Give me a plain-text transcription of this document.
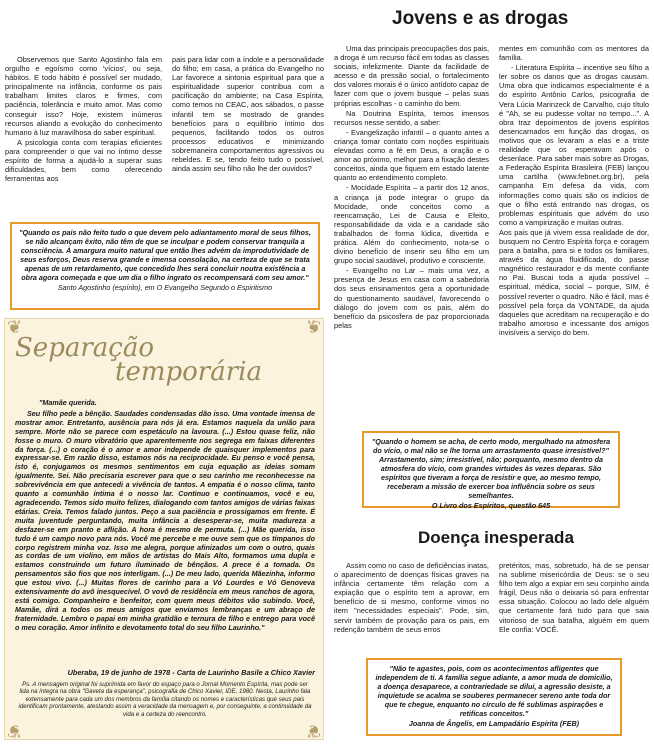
Observemos que Santo Agostinho fala em orgulho e egoísmo como 'vícios', ou seja, hábitos. E todo hábito é possível ser mudado, principalmente na infância, conforme os pais trabalham limites claros e firmes, com paciência, tolerância e muito amor. Mas como conseguir isso? Hoje, existem inúmeros recursos aliando a evolução do conhecimento humano à luz maravilhosa do saber espiritual.

A psicologia conta com terapias eficientes para compreender o que vai no íntimo desse espírito de forma a ajudá-lo a superar suas dificuldades, bem como oferecendo ferramentas aos

pais para lidar com a índole e a personalidade do filho; em casa, a prática do Evangelho no Lar favorece a sintonia espiritual para que a espiritualidade superior contribua com a pacificação do ambiente; na Casa Espírita, como temos no CEAC, aos sábados, o passe infantil tem se mostrado de grandes benefícios para o equilíbrio íntimo dos pequenos, facilitando todos os outros processos educativos e minimizando sobremaneira comportamentos agressivos ou rebeldes. E se, tendo feito tudo o possível, ainda assim seu filho não lhe der ouvidos?

"Quando os pais não feito tudo o que devem pelo adiantamento moral de seus filhos, se não alcançam êxito, não têm de que se inculpar e podem conservar tranquila a consciência. À amargura muito natural que então lhes advém da improdutividade de seus esforços, Deus reserva grande e imensa consolação, na certeza de que se trata apenas de um retardamento, que concedido lhes será concluir noutra existência a obra agora começada e que um dia o filho ingrato os recompensará com seu amor."
Santo Agostinho (espírito), em O Evangelho Segundo o Espiritismo
❦	❦
❦	❦
Separação
temporária

"Mamãe querida.

Seu filho pede a bênção. Saudades condensadas dão isso. Uma vontade imensa de mostrar amor. Entretanto, ausência para nós já era. Estamos naquela da união para sempre. Morte não se parece com espetáculo na lavoura. (...) Estou quase feliz, não fosse o muro. O muro vibratório que aparentemente nos segrega em faixas diferentes da força. (...) o coração é o amor e amor independe de quaisquer implementos para expressar-se. Em razão disso, estamos nós na reciprocidade. Eu penso e você pensa, isto é, conjugamos os mesmos sentimentos em cuja equação as ideias somam igualmente. Sei. Não precisaria escrever para que o seu carinho me reconhecesse na sobrevivência em que antecedi a vivência de tantos. A empatia é o nosso clima, tanto quanto a comunhão íntima é o nosso lar. Continuo e continuamos, você e eu, agradecendo. Temos sido muito felizes, dialogando com tantos amigos de várias faixas etárias. Creia. Temos falado juntos. Peço a sua paciência e prossigamos em frente. É muita juventude perguntando, muita infância a desesperar-se, muita madureza a desfazer-se em pranto e aflição. A hora é mesmo de permuta. (...) Mãe querida, isso tudo é um campo novo para nós. Você me percebe e me ouve sem que os tímpanos do corpo registrem minha voz. Isso me alegra, porque afinizados um com o outro, quais as cordas de um violino, em mãos de artistas do Mais Alto, formamos uma dupla e estamos construindo um futuro iluminado de bênçãos. A prece é a tomada. Os pensamentos são fios que nos interligam. (...) De meu lado, querida Mãezinha, informo que estou vivo. (...) Muitas flores de carinho para a Vó Lourdes e Vó Genoveva extensivamente do avô inesquecível. O vovô de residência em meus ranchos de agora, está comigo. Companheiro e benfeitor, com quem meus débitos vão subindo. Você, Mamãe, dirá a todos os meus amigos que enviamos lembranças e um abraço de fraternidade. Lembro o papai em minha gratidão e ternura de filho e entrego para você o meu coração. Amor infinito e devotamento total do seu filho Laurinho."

Uberaba, 19 de junho de 1978 - Carta de Laurinho Basile a Chico Xavier
Ps. A mensagem original foi suprimida em favor do espaço para o Jornal Momento Espírita, mas pode ser lida na íntegra na obra "Gaveta da esperança", psicografia de Chico Xavier, IDE, 1980. Nesta, Laurinho fala extensamente para cada um dos membros da família citando os nomes e características que seus pais identificam prontamente, atestando assim a veracidade da mensagem e, por conseguinte, a continuidade da vida e a certeza do reencontro.
Jovens e as drogas

Uma das principais preocupações dos pais, a droga é um recurso fácil em todas as classes sociais, infelizmente. Diante da facilidade de acesso e da pressão social, o fortalecimento dos valores morais é o único antídoto capaz de fazer com que o jovem busque – pelas suas próprias escolhas - o caminho do bem.

Na Doutrina Espírita, temos imensos recursos nesse sentido, a saber:

- Evangelização infantil – o quanto antes a criança tomar contato com noções espirituais elevadas como a fé em Deus, a oração e o amor ao próximo, melhor para a fixação destes conceitos, ainda que fiquem em estado latente quanto ao entendimento completo.

- Mocidade Espírita – a partir dos 12 anos, a criança já pode integrar o grupo da Mocidade, onde conceitos como a reencarnação, Lei de Causa e Efeito, responsabilidade da vida e a caridade são trabalhados de forma lúdica, divertida e prática. Além do conhecimento, nota-se o divino benefício de inserir seu filho em um grupo social saudável, produtivo e consciente.

- Evangelho no Lar – mais uma vez, a presença de Jesus em casa com a sabedoria dos seus ensinamentos gera a oportunidade do questionamento saudável, favorecendo o diálogo do jovem com os pais, além do benefício da psicosfera de paz proporcionada pelas

mentes em comunhão com os mentores da família.

- Literatura Espírita – incentive seu filho a ler sobre os danos que as drogas causam. Uma obra que indicamos especialmente é a do espírito Antônio Carlos, psicografia de Vera Lúcia Marinzeck de Carvalho, cujo título é "Ah, se eu pudesse voltar no tempo...". A obra traz depoimentos de jovens espíritos desencarnados em função das drogas, os motivos que os levaram a elas e a triste realidade que os esperavam após o desenlace. Para saber mais sobre as Drogas, a Federação Espírita Brasileira (FEB) lançou uma cartilha (www.febnet.org.br), pela campanha Em defesa da vida, com informações como quais são os indícios de que o filho está entrando nas drogas, os problemas espirituais que advém do uso como a vampirização e muitas outras.

Aos pais que já vivem essa realidade de dor, busquem no Centro Espírita força e coragem para a batalha, para si e todos os familiares, através da água fluidificada, do passe magnético restaurador e da mente confiante no Pai. Buscai toda a ajuda possível – espiritual, médica, social – porque, SIM, é possível reverter o quadro. Não é fácil, mas é possível pela força da VONTADE, da ajuda daqueles que acreditam na recuperação e do trabalho amoroso e incessante dos amigos invisíveis a serviço do bem.

"Quando o homem se acha, de certo modo, mergulhado na atmosfera do vício, o mal não se lhe torna um arrastamento quase irresistível?" Arrastamento, sim; irresistível, não; porquanto, mesmo dentro da atmosfera do vício, com grandes virtudes às vezes deparas. São espíritos que tiveram a força de resistir e que, ao mesmo tempo, receberam a missão de exercer boa influência sobre os seus semelhantes.
O Livro dos Espíritos, questão 645
Doença inesperada

Assim como no caso de deficiências inatas, o aparecimento de doenças físicas graves na infância certamente têm relação com a expiação que o espírito tem a aprovar, em benefício de si mesmo, conforme vimos no item "necessidades especiais". Pode, sim, servir também de provação para os pais, em redenção também de seus erros

pretéritos, mas, sobretudo, há de se pensar na sublime misericórdia de Deus: se o seu filho tem algo a expiar em seu corpinho ainda frágil, Deus não o deixaria só para enfrentar essa situação. Colocou ao lado dele alguém que certamente fará tudo para que saia vitorioso de sua batalha, alguém em quem Ele confia: VOCÊ.

"Não te agastes, pois, com os acontecimentos afligentes que independem de ti. A família segue adiante, a amor muda de domicílio, a doença desaparece, a contrariedade se dilui, a agressão desiste, a inquietude se acalma se souberes permanecer sereno ante toda dor que te chegue, enquanto no círculo de fé sublimas aspirações e retificas conceitos."
Joanna de Ângelis, em Lampadário Espírita (FEB)
